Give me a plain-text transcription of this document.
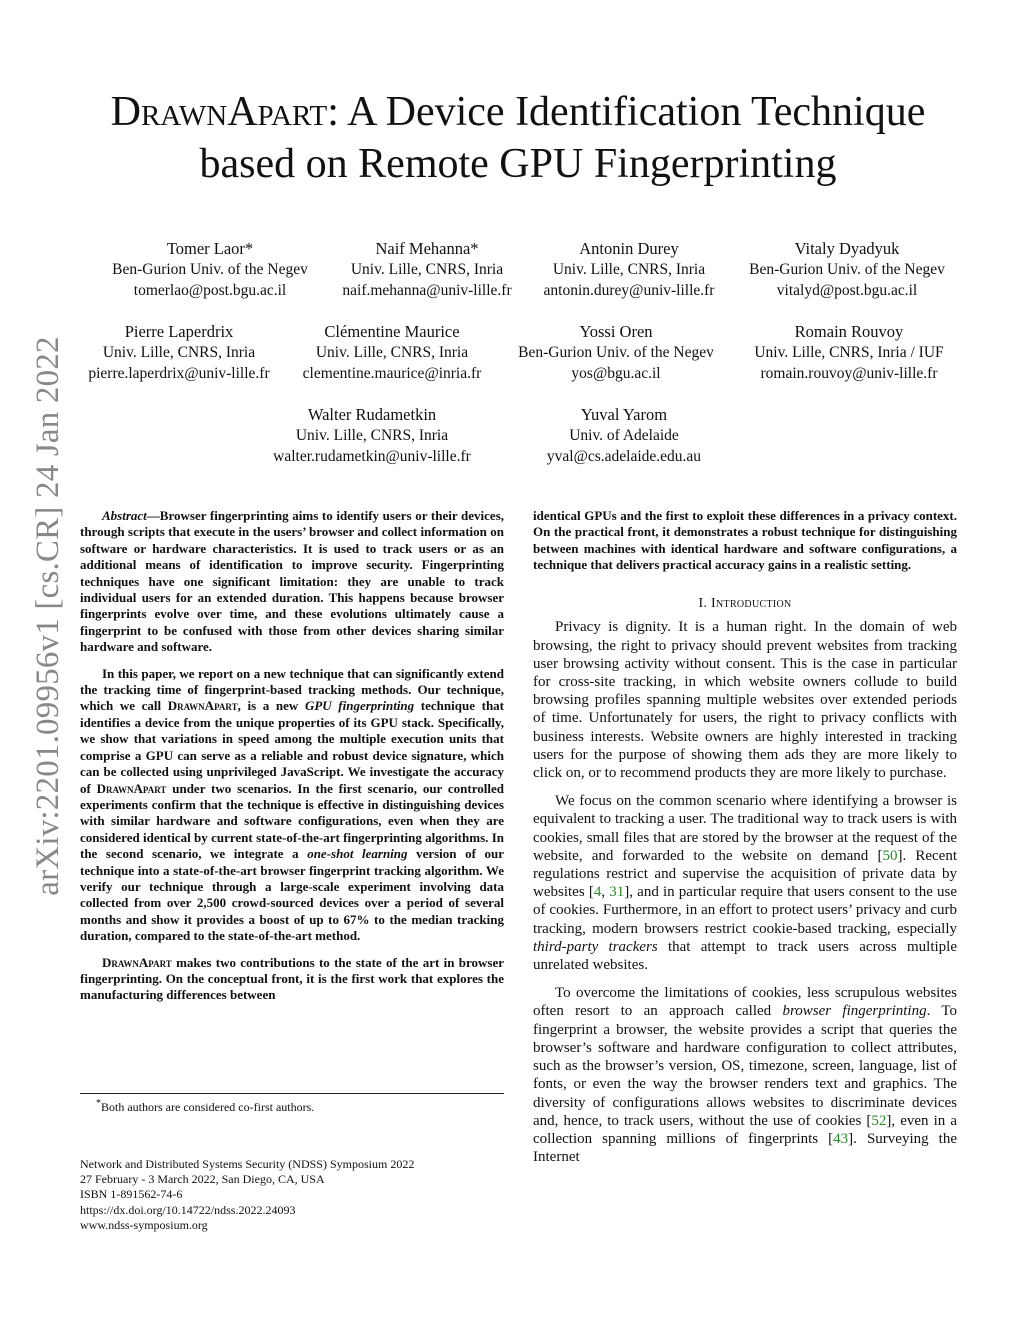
arXiv:2201.09956v1 [cs.CR] 24 Jan 2022
DrawnApart: A Device Identification Technique
based on Remote GPU Fingerprinting
Tomer Laor*
Ben-Gurion Univ. of the Negev
tomerlao@post.bgu.ac.il
Naif Mehanna*
Univ. Lille, CNRS, Inria
naif.mehanna@univ-lille.fr
Antonin Durey
Univ. Lille, CNRS, Inria
antonin.durey@univ-lille.fr
Vitaly Dyadyuk
Ben-Gurion Univ. of the Negev
vitalyd@post.bgu.ac.il
Pierre Laperdrix
Univ. Lille, CNRS, Inria
pierre.laperdrix@univ-lille.fr
Clémentine Maurice
Univ. Lille, CNRS, Inria
clementine.maurice@inria.fr
Yossi Oren
Ben-Gurion Univ. of the Negev
yos@bgu.ac.il
Romain Rouvoy
Univ. Lille, CNRS, Inria / IUF
romain.rouvoy@univ-lille.fr
Walter Rudametkin
Univ. Lille, CNRS, Inria
walter.rudametkin@univ-lille.fr
Yuval Yarom
Univ. of Adelaide
yval@cs.adelaide.edu.au

Abstract—Browser fingerprinting aims to identify users or their devices, through scripts that execute in the users’ browser and collect information on software or hardware characteristics. It is used to track users or as an additional means of identification to improve security. Fingerprinting techniques have one significant limitation: they are unable to track individual users for an extended duration. This happens because browser fingerprints evolve over time, and these evolutions ultimately cause a fingerprint to be confused with those from other devices sharing similar hardware and software.

In this paper, we report on a new technique that can significantly extend the tracking time of fingerprint-based tracking methods. Our technique, which we call DrawnApart, is a new GPU fingerprinting technique that identifies a device from the unique properties of its GPU stack. Specifically, we show that variations in speed among the multiple execution units that comprise a GPU can serve as a reliable and robust device signature, which can be collected using unprivileged JavaScript. We investigate the accuracy of DrawnApart under two scenarios. In the first scenario, our controlled experiments confirm that the technique is effective in distinguishing devices with similar hardware and software configurations, even when they are considered identical by current state-of-the-art fingerprinting algorithms. In the second scenario, we integrate a one-shot learning version of our technique into a state-of-the-art browser fingerprint tracking algorithm. We verify our technique through a large-scale experiment involving data collected from over 2,500 crowd-sourced devices over a period of several months and show it provides a boost of up to 67% to the median tracking duration, compared to the state-of-the-art method.

DrawnApart makes two contributions to the state of the art in browser fingerprinting. On the conceptual front, it is the first work that explores the manufacturing differences between

*Both authors are considered co-first authors.
Network and Distributed Systems Security (NDSS) Symposium 2022
27 February - 3 March 2022, San Diego, CA, USA
ISBN 1-891562-74-6
https://dx.doi.org/10.14722/ndss.2022.24093
www.ndss-symposium.org

identical GPUs and the first to exploit these differences in a privacy context. On the practical front, it demonstrates a robust technique for distinguishing between machines with identical hardware and software configurations, a technique that delivers practical accuracy gains in a realistic setting.

I. Introduction

Privacy is dignity. It is a human right. In the domain of web browsing, the right to privacy should prevent websites from tracking user browsing activity without consent. This is the case in particular for cross-site tracking, in which website owners collude to build browsing profiles spanning multiple websites over extended periods of time. Unfortunately for users, the right to privacy conflicts with business interests. Website owners are highly interested in tracking users for the purpose of showing them ads they are more likely to click on, or to recommend products they are more likely to purchase.

We focus on the common scenario where identifying a browser is equivalent to tracking a user. The traditional way to track users is with cookies, small files that are stored by the browser at the request of the website, and forwarded to the website on demand [50]. Recent regulations restrict and supervise the acquisition of private data by websites [4, 31], and in particular require that users consent to the use of cookies. Furthermore, in an effort to protect users’ privacy and curb tracking, modern browsers restrict cookie-based tracking, especially third-party trackers that attempt to track users across multiple unrelated websites.

To overcome the limitations of cookies, less scrupulous websites often resort to an approach called browser fingerprinting. To fingerprint a browser, the website provides a script that queries the browser’s software and hardware configuration to collect attributes, such as the browser’s version, OS, timezone, screen, language, list of fonts, or even the way the browser renders text and graphics. The diversity of configurations allows websites to discriminate devices and, hence, to track users, without the use of cookies [52], even in a collection spanning millions of fingerprints [43]. Surveying the Internet
